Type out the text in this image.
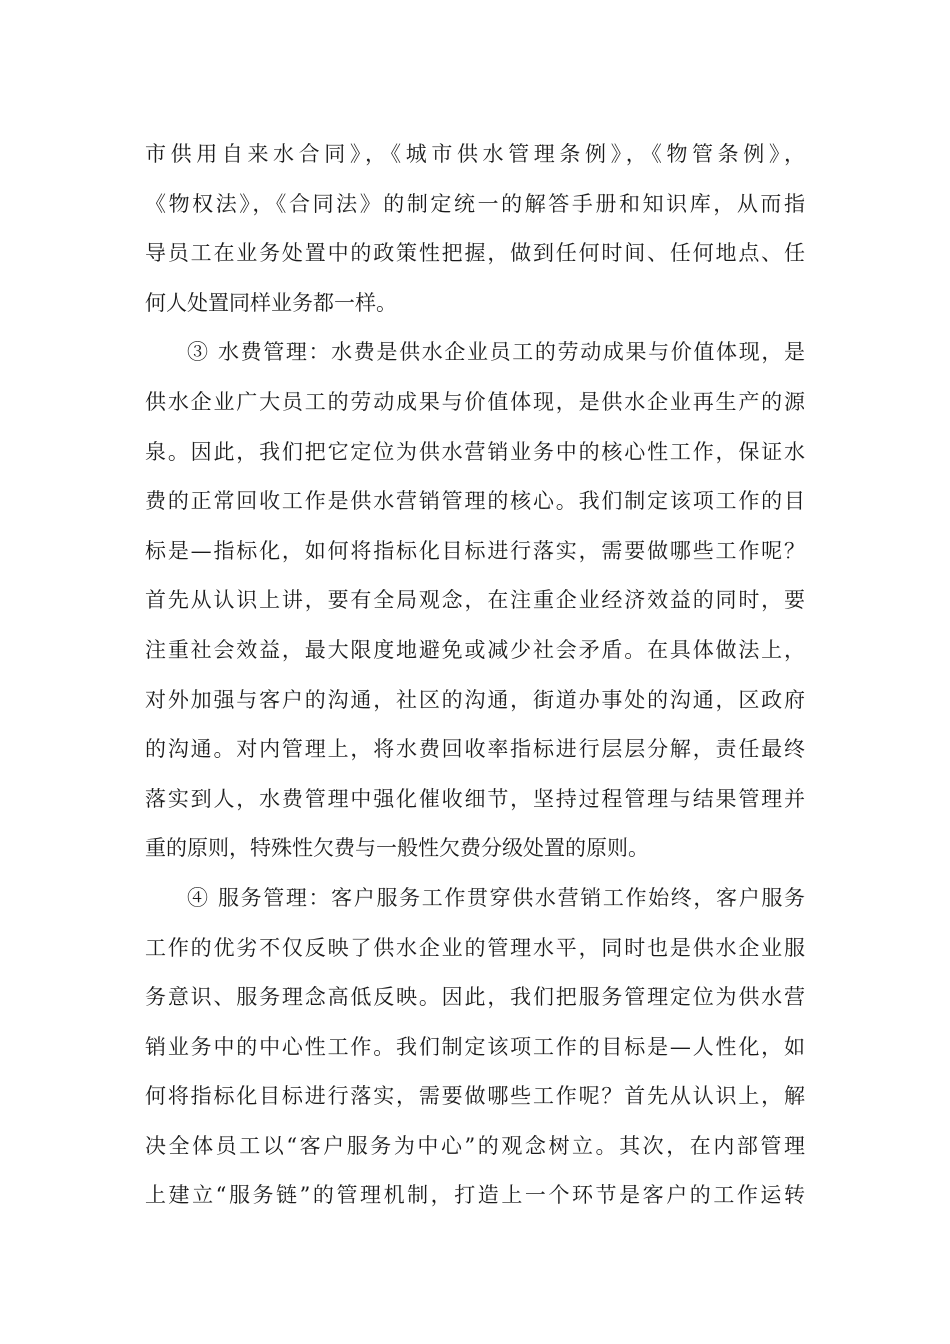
市供用自来水合同》，《城市供水管理条例》，《物管条例》，
《物权法》，《合同法》的制定统一的解答手册和知识库，从而指
导员工在业务处置中的政策性把握，做到任何时间、任何地点、任
何人处置同样业务都一样。
③ 水费管理：水费是供水企业员工的劳动成果与价值体现，是
供水企业广大员工的劳动成果与价值体现，是供水企业再生产的源
泉。因此，我们把它定位为供水营销业务中的核心性工作，保证水
费的正常回收工作是供水营销管理的核心。我们制定该项工作的目
标是—指标化，如何将指标化目标进行落实，需要做哪些工作呢？
首先从认识上讲，要有全局观念，在注重企业经济效益的同时，要
注重社会效益，最大限度地避免或减少社会矛盾。在具体做法上，
对外加强与客户的沟通，社区的沟通，街道办事处的沟通，区政府
的沟通。对内管理上，将水费回收率指标进行层层分解，责任最终
落实到人，水费管理中强化催收细节，坚持过程管理与结果管理并
重的原则，特殊性欠费与一般性欠费分级处置的原则。
④ 服务管理：客户服务工作贯穿供水营销工作始终，客户服务
工作的优劣不仅反映了供水企业的管理水平，同时也是供水企业服
务意识、服务理念高低反映。因此，我们把服务管理定位为供水营
销业务中的中心性工作。我们制定该项工作的目标是—人性化，如
何将指标化目标进行落实，需要做哪些工作呢？首先从认识上，解
决全体员工以“客户服务为中心”的观念树立。其次，在内部管理
上建立“服务链”的管理机制，打造上一个环节是客户的工作运转
